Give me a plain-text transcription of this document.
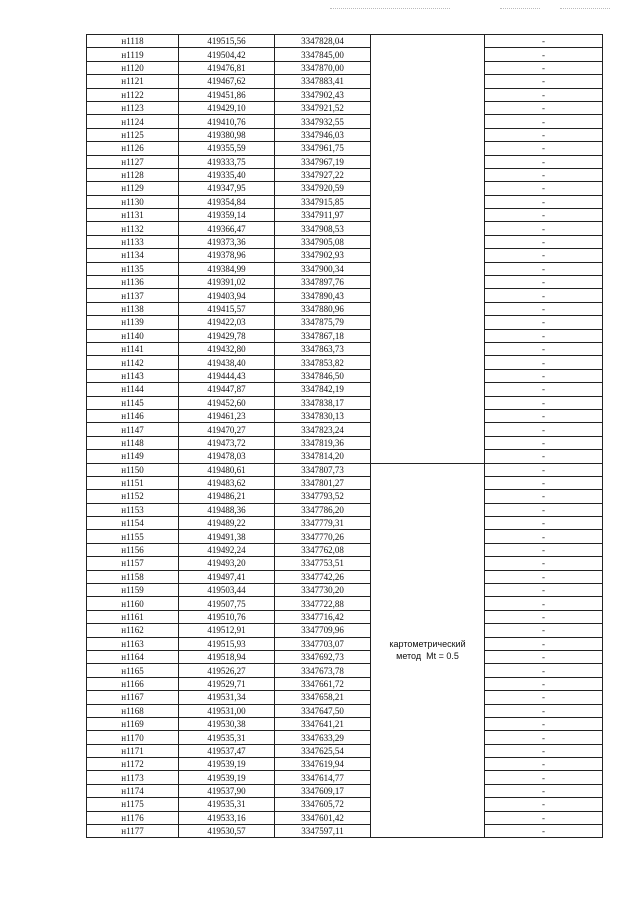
н1118	419515,56	3347828,04		-
н1119	419504,42	3347845,00		-
н1120	419476,81	3347870,00		-
н1121	419467,62	3347883,41		-
н1122	419451,86	3347902,43		-
н1123	419429,10	3347921,52		-
н1124	419410,76	3347932,55		-
н1125	419380,98	3347946,03		-
н1126	419355,59	3347961,75		-
н1127	419333,75	3347967,19		-
н1128	419335,40	3347927,22		-
н1129	419347,95	3347920,59		-
н1130	419354,84	3347915,85		-
н1131	419359,14	3347911,97		-
н1132	419366,47	3347908,53		-
н1133	419373,36	3347905,08		-
н1134	419378,96	3347902,93		-
н1135	419384,99	3347900,34		-
н1136	419391,02	3347897,76		-
н1137	419403,94	3347890,43		-
н1138	419415,57	3347880,96		-
н1139	419422,03	3347875,79		-
н1140	419429,78	3347867,18		-
н1141	419432,80	3347863,73		-
н1142	419438,40	3347853,82		-
н1143	419444,43	3347846,50		-
н1144	419447,87	3347842,19		-
н1145	419452,60	3347838,17		-
н1146	419461,23	3347830,13		-
н1147	419470,27	3347823,24		-
н1148	419473,72	3347819,36		-
н1149	419478,03	3347814,20		-
н1150	419480,61	3347807,73	картометрический
метод  Mt = 0.5	-
н1151	419483,62	3347801,27		-
н1152	419486,21	3347793,52		-
н1153	419488,36	3347786,20		-
н1154	419489,22	3347779,31		-
н1155	419491,38	3347770,26		-
н1156	419492,24	3347762,08		-
н1157	419493,20	3347753,51		-
н1158	419497,41	3347742,26		-
н1159	419503,44	3347730,20		-
н1160	419507,75	3347722,88		-
н1161	419510,76	3347716,42		-
н1162	419512,91	3347709,96		-
н1163	419515,93	3347703,07		-
н1164	419518,94	3347692,73		-
н1165	419526,27	3347673,78		-
н1166	419529,71	3347661,72		-
н1167	419531,34	3347658,21		-
н1168	419531,00	3347647,50		-
н1169	419530,38	3347641,21		-
н1170	419535,31	3347633,29		-
н1171	419537,47	3347625,54		-
н1172	419539,19	3347619,94		-
н1173	419539,19	3347614,77		-
н1174	419537,90	3347609,17		-
н1175	419535,31	3347605,72		-
н1176	419533,16	3347601,42		-
н1177	419530,57	3347597,11		-
